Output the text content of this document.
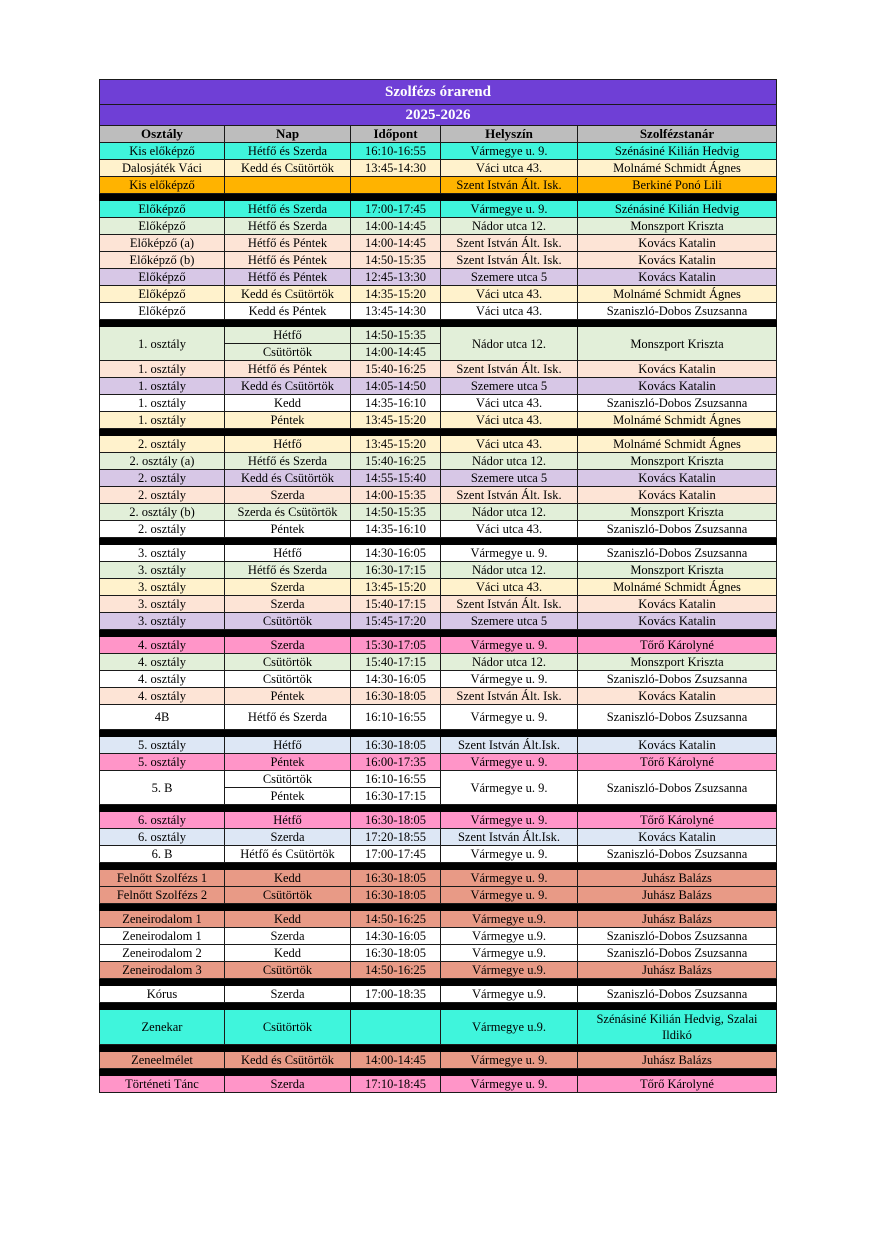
Szolfézs órarend				
2025-2026				
Osztály	Nap	Időpont	Helyszín	Szolfézstanár
Kis előképző	Hétfő és Szerda	16:10-16:55	Vármegye u. 9.	Szénásiné Kilián Hedvig
Dalosjáték Váci	Kedd és Csütörtök	13:45-14:30	Váci utca 43.	Molnámé Schmidt Ágnes
Kis előképző			Szent István Ált. Isk.	Berkiné Ponó Lili

Előképző	Hétfő és Szerda	17:00-17:45	Vármegye u. 9.	Szénásiné Kilián Hedvig
Előképző	Hétfő és Szerda	14:00-14:45	Nádor utca 12.	Monszport Kriszta
Előképző (a)	Hétfő és Péntek	14:00-14:45	Szent István Ált. Isk.	Kovács Katalin
Előképző (b)	Hétfő és Péntek	14:50-15:35	Szent István Ált. Isk.	Kovács Katalin
Előképző	Hétfő és Péntek	12:45-13:30	Szemere utca 5	Kovács Katalin
Előképző	Kedd és Csütörtök	14:35-15:20	Váci utca 43.	Molnámé Schmidt Ágnes
Előképző	Kedd és Péntek	13:45-14:30	Váci utca 43.	Szaniszló-Dobos Zsuzsanna

1. osztály	Hétfő	14:50-15:35	Nádor utca 12.	Monszport Kriszta
	Csütörtök	14:00-14:45		
1. osztály	Hétfő és Péntek	15:40-16:25	Szent István Ált. Isk.	Kovács Katalin
1. osztály	Kedd és Csütörtök	14:05-14:50	Szemere utca 5	Kovács Katalin
1. osztály	Kedd	14:35-16:10	Váci utca 43.	Szaniszló-Dobos Zsuzsanna
1. osztály	Péntek	13:45-15:20	Váci utca 43.	Molnámé Schmidt Ágnes

2. osztály	Hétfő	13:45-15:20	Váci utca 43.	Molnámé Schmidt Ágnes
2. osztály (a)	Hétfő és Szerda	15:40-16:25	Nádor utca 12.	Monszport Kriszta
2. osztály	Kedd és Csütörtök	14:55-15:40	Szemere utca 5	Kovács Katalin
2. osztály	Szerda	14:00-15:35	Szent István Ált. Isk.	Kovács Katalin
2. osztály (b)	Szerda és Csütörtök	14:50-15:35	Nádor utca 12.	Monszport Kriszta
2. osztály	Péntek	14:35-16:10	Váci utca 43.	Szaniszló-Dobos Zsuzsanna

3. osztály	Hétfő	14:30-16:05	Vármegye u. 9.	Szaniszló-Dobos Zsuzsanna
3. osztály	Hétfő és Szerda	16:30-17:15	Nádor utca 12.	Monszport Kriszta
3. osztály	Szerda	13:45-15:20	Váci utca 43.	Molnámé Schmidt Ágnes
3. osztály	Szerda	15:40-17:15	Szent István Ált. Isk.	Kovács Katalin
3. osztály	Csütörtök	15:45-17:20	Szemere utca 5	Kovács Katalin

4. osztály	Szerda	15:30-17:05	Vármegye u. 9.	Tőrő Károlyné
4. osztály	Csütörtök	15:40-17:15	Nádor utca 12.	Monszport Kriszta
4. osztály	Csütörtök	14:30-16:05	Vármegye u. 9.	Szaniszló-Dobos Zsuzsanna
4. osztály	Péntek	16:30-18:05	Szent István Ált. Isk.	Kovács Katalin
4B	Hétfő és Szerda	16:10-16:55	Vármegye u. 9.	Szaniszló-Dobos Zsuzsanna

5. osztály	Hétfő	16:30-18:05	Szent István Ált.Isk.	Kovács Katalin
5. osztály	Péntek	16:00-17:35	Vármegye u. 9.	Tőrő Károlyné
5. B	Csütörtök	16:10-16:55	Vármegye u. 9.	Szaniszló-Dobos Zsuzsanna
	Péntek	16:30-17:15		

6. osztály	Hétfő	16:30-18:05	Vármegye u. 9.	Tőrő Károlyné
6. osztály	Szerda	17:20-18:55	Szent István Ált.Isk.	Kovács Katalin
6. B	Hétfő és Csütörtök	17:00-17:45	Vármegye u. 9.	Szaniszló-Dobos Zsuzsanna

Felnőtt Szolfézs 1	Kedd	16:30-18:05	Vármegye u. 9.	Juhász Balázs
Felnőtt Szolfézs 2	Csütörtök	16:30-18:05	Vármegye u. 9.	Juhász Balázs

Zeneirodalom 1	Kedd	14:50-16:25	Vármegye u.9.	Juhász Balázs
Zeneirodalom 1	Szerda	14:30-16:05	Vármegye u.9.	Szaniszló-Dobos Zsuzsanna
Zeneirodalom 2	Kedd	16:30-18:05	Vármegye u.9.	Szaniszló-Dobos Zsuzsanna
Zeneirodalom 3	Csütörtök	14:50-16:25	Vármegye u.9.	Juhász Balázs

Kórus	Szerda	17:00-18:35	Vármegye u.9.	Szaniszló-Dobos Zsuzsanna

Zenekar	Csütörtök		Vármegye u.9.	Szénásiné Kilián Hedvig, Szalai Ildikó

Zeneelmélet	Kedd és Csütörtök	14:00-14:45	Vármegye u. 9.	Juhász Balázs

Történeti Tánc	Szerda	17:10-18:45	Vármegye u. 9.	Tőrő Károlyné
